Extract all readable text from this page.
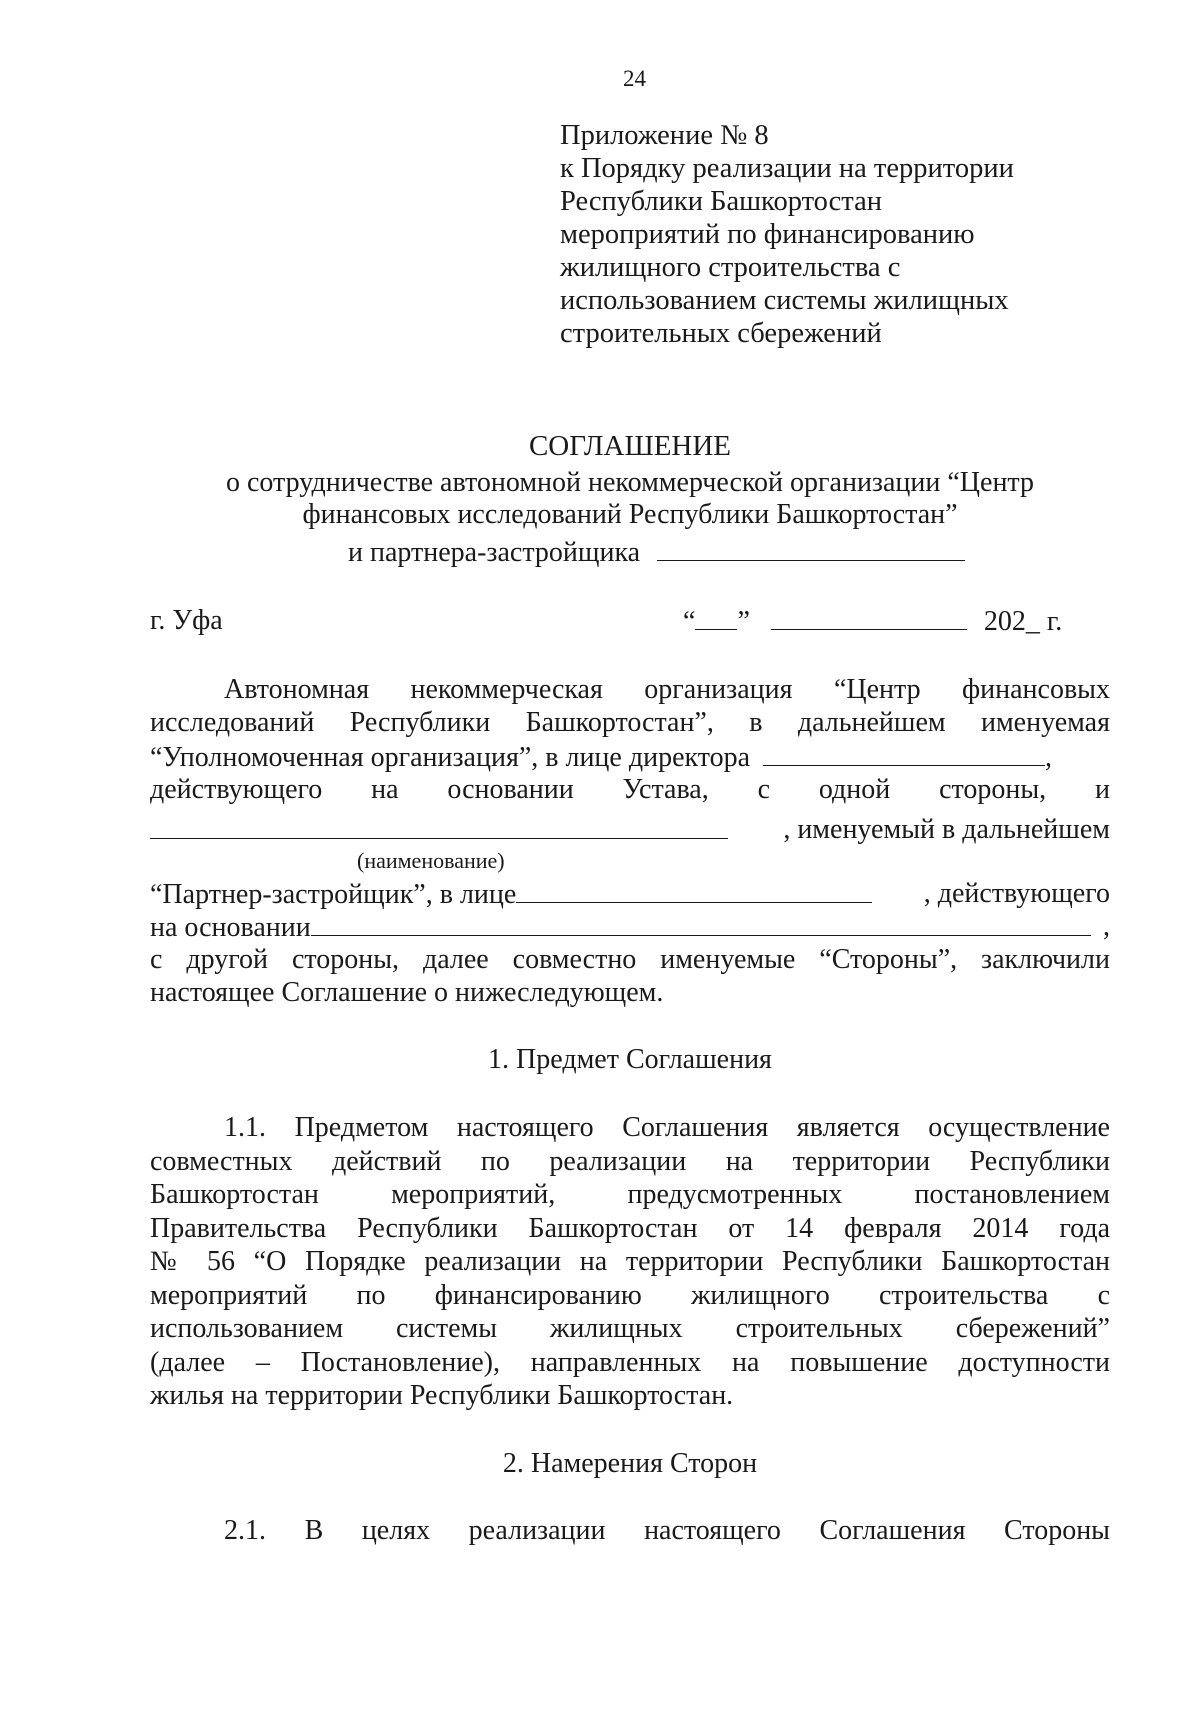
24
Приложение № 8
к Порядку реализации на территории
Республики Башкортостан
мероприятий по финансированию
жилищного строительства с
использованием системы жилищных
строительных сбережений
СОГЛАШЕНИЕ
о сотрудничестве автономной некоммерческой организации “Центр
финансовых исследований Республики Башкортостан”
и партнера-застройщика
г. Уфа	“ ”	202_ г.
Автономная некоммерческая организация “Центр финансовых
исследований Республики Башкортостан”, в дальнейшем именуемая
“Уполномоченная организация”, в лице директора	,
действующего на основании Устава, с одной стороны, и
, именуемый в дальнейшем
(наименование)
“Партнер-застройщик”, в лице	, действующего
на основании	,
с другой стороны, далее совместно именуемые “Стороны”, заключили
настоящее Соглашение о нижеследующем.
1. Предмет Соглашения
1.1. Предметом настоящего Соглашения является осуществление
совместных действий по реализации на территории Республики
Башкортостан мероприятий, предусмотренных постановлением
Правительства Республики Башкортостан от 14 февраля 2014 года
№ 56 “О Порядке реализации на территории Республики Башкортостан
мероприятий по финансированию жилищного строительства с
использованием системы жилищных строительных сбережений”
(далее – Постановление), направленных на повышение доступности
жилья на территории Республики Башкортостан.
2. Намерения Сторон
2.1. В целях реализации настоящего Соглашения Стороны
